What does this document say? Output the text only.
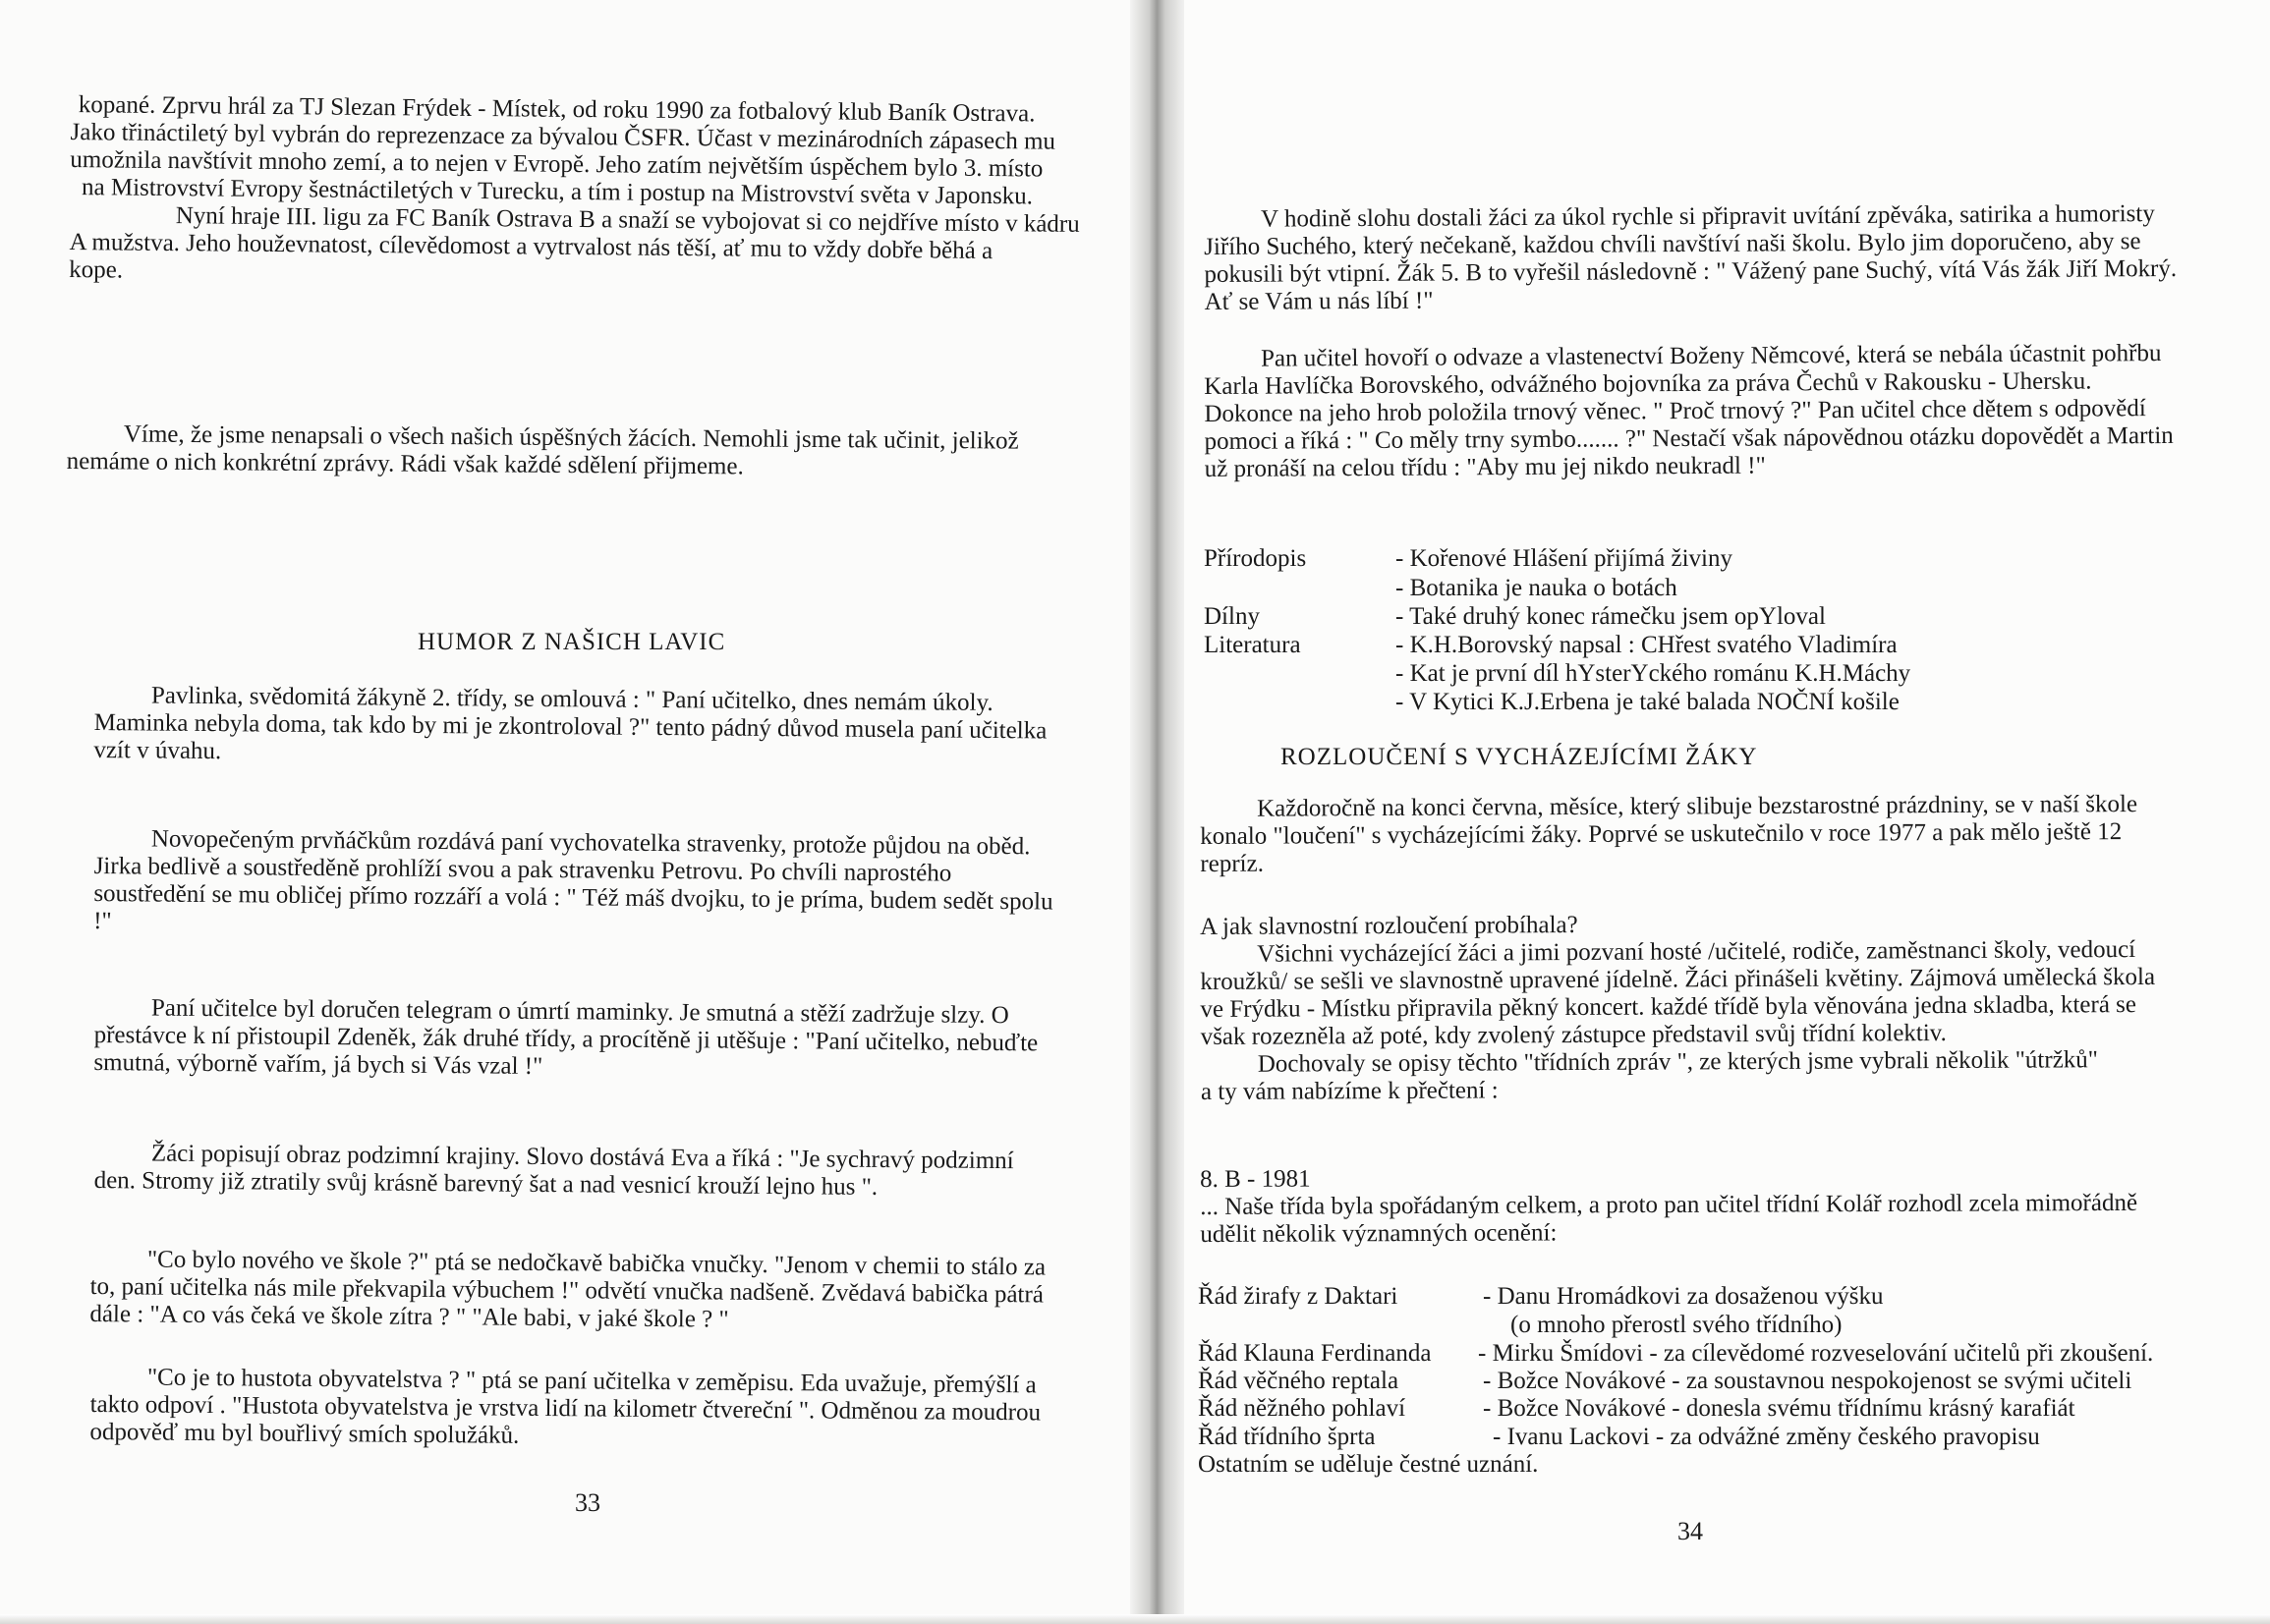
kopané. Zprvu hrál za TJ Slezan Frýdek - Místek, od roku 1990 za fotbalový klub Baník Ostrava.

Jako třináctiletý byl vybrán do reprezenzace za bývalou ČSFR. Účast v mezinárodních zápasech mu

umožnila navštívit mnoho zemí, a to nejen v Evropě. Jeho zatím největším úspěchem bylo 3. místo

na Mistrovství Evropy šestnáctiletých v Turecku, a tím i postup na Mistrovství světa v Japonsku.

Nyní hraje III. ligu za FC Baník Ostrava B a snaží se vybojovat si co nejdříve místo v kádru

A mužstva. Jeho houževnatost, cílevědomost a vytrvalost nás těší, ať mu to vždy dobře běhá a

kope.

Víme, že jsme nenapsali o všech našich úspěšných žácích. Nemohli jsme tak učinit, jelikož

nemáme o nich konkrétní zprávy. Rádi však každé sdělení přijmeme.

HUMOR Z NAŠICH LAVIC

Pavlinka, svědomitá žákyně 2. třídy, se omlouvá : " Paní učitelko, dnes nemám úkoly.

Maminka nebyla doma, tak kdo by mi je zkontroloval ?" tento pádný důvod musela paní učitelka

vzít v úvahu.

Novopečeným prvňáčkům rozdává paní vychovatelka stravenky, protože půjdou na oběd.

Jirka bedlivě a soustředěně prohlíží svou a pak stravenku Petrovu. Po chvíli naprostého

soustředění se mu obličej přímo rozzáří a volá : " Též máš dvojku, to je príma, budem sedět spolu

!"

Paní učitelce byl doručen telegram o úmrtí maminky. Je smutná a stěží zadržuje slzy. O

přestávce k ní přistoupil Zdeněk, žák druhé třídy, a procítěně ji utěšuje : "Paní učitelko, nebuďte

smutná, výborně vařím, já bych si Vás vzal !"

Žáci popisují obraz podzimní krajiny. Slovo dostává Eva a říká : "Je sychravý podzimní

den. Stromy již ztratily svůj krásně barevný šat a nad vesnicí krouží lejno hus ".

"Co bylo nového ve škole ?" ptá se nedočkavě babička vnučky. "Jenom v chemii to stálo za

to, paní učitelka nás mile překvapila výbuchem !" odvětí vnučka nadšeně. Zvědavá babička pátrá

dále : "A co vás čeká ve škole zítra ? " "Ale babi, v jaké škole ? "

"Co je to hustota obyvatelstva ? " ptá se paní učitelka v zeměpisu. Eda uvažuje, přemýšlí a

takto odpoví . "Hustota obyvatelstva je vrstva lidí na kilometr čtvereční ". Odměnou za moudrou

odpověď mu byl bouřlivý smích spolužáků.

33

V hodině slohu dostali žáci za úkol rychle si připravit uvítání zpěváka, satirika a humoristy

Jiřího Suchého, který nečekaně, každou chvíli navštíví naši školu. Bylo jim doporučeno, aby se

pokusili být vtipní. Žák 5. B to vyřešil následovně : " Vážený pane Suchý, vítá Vás žák Jiří Mokrý.

Ať se Vám u nás líbí !"

Pan učitel hovoří o odvaze a vlastenectví Boženy Němcové, která se nebála účastnit pohřbu

Karla Havlíčka Borovského, odvážného bojovníka za práva Čechů v Rakousku - Uhersku.

Dokonce na jeho hrob položila trnový věnec. " Proč trnový ?" Pan učitel chce dětem s odpovědí

pomoci a říká : " Co měly trny symbo....... ?" Nestačí však nápovědnou otázku dopovědět a Martin

už pronáší na celou třídu : "Aby mu jej nikdo neukradl !"

Přírodopis	- Kořenové Hlášení přijímá živiny
- Botanika je nauka o botách
Dílny	- Také druhý konec rámečku jsem opYloval
Literatura	- K.H.Borovský napsal : CHřest svatého Vladimíra
- Kat je první díl hYsterYckého románu K.H.Máchy
- V Kytici K.J.Erbena je také balada NOČNÍ košile
ROZLOUČENÍ S VYCHÁZEJÍCÍMI ŽÁKY

Každoročně na konci června, měsíce, který slibuje bezstarostné prázdniny, se v naší škole

konalo "loučení" s vycházejícími žáky. Poprvé se uskutečnilo v roce 1977 a pak mělo ještě 12

repríz.

A jak slavnostní rozloučení probíhala?

Všichni vycházející žáci a jimi pozvaní hosté /učitelé, rodiče, zaměstnanci školy, vedoucí

kroužků/ se sešli ve slavnostně upravené jídelně. Žáci přinášeli květiny. Zájmová umělecká škola

ve Frýdku - Místku připravila pěkný koncert. každé třídě byla věnována jedna skladba, která se

však rozezněla až poté, kdy zvolený zástupce představil svůj třídní kolektiv.

Dochovaly se opisy těchto "třídních zpráv ", ze kterých jsme vybrali několik "útržků"

a ty vám nabízíme k přečtení :

8. B - 1981

... Naše třída byla spořádaným celkem, a proto pan učitel třídní Kolář rozhodl zcela mimořádně

udělit několik významných ocenění:

Řád žirafy z Daktari	- Danu Hromádkovi za dosaženou výšku
(o mnoho přerostl svého třídního)
Řád Klauna Ferdinanda - Mirku Šmídovi - za cílevědomé rozveselování učitelů při zkoušení.
Řád věčného reptala	- Božce Novákové - za soustavnou nespokojenost se svými učiteli
Řád něžného pohlaví	- Božce Novákové - donesla svému třídnímu krásný karafiát
Řád třídního šprta	- Ivanu Lackovi - za odvážné změny českého pravopisu
Ostatním se uděluje čestné uznání.
34
